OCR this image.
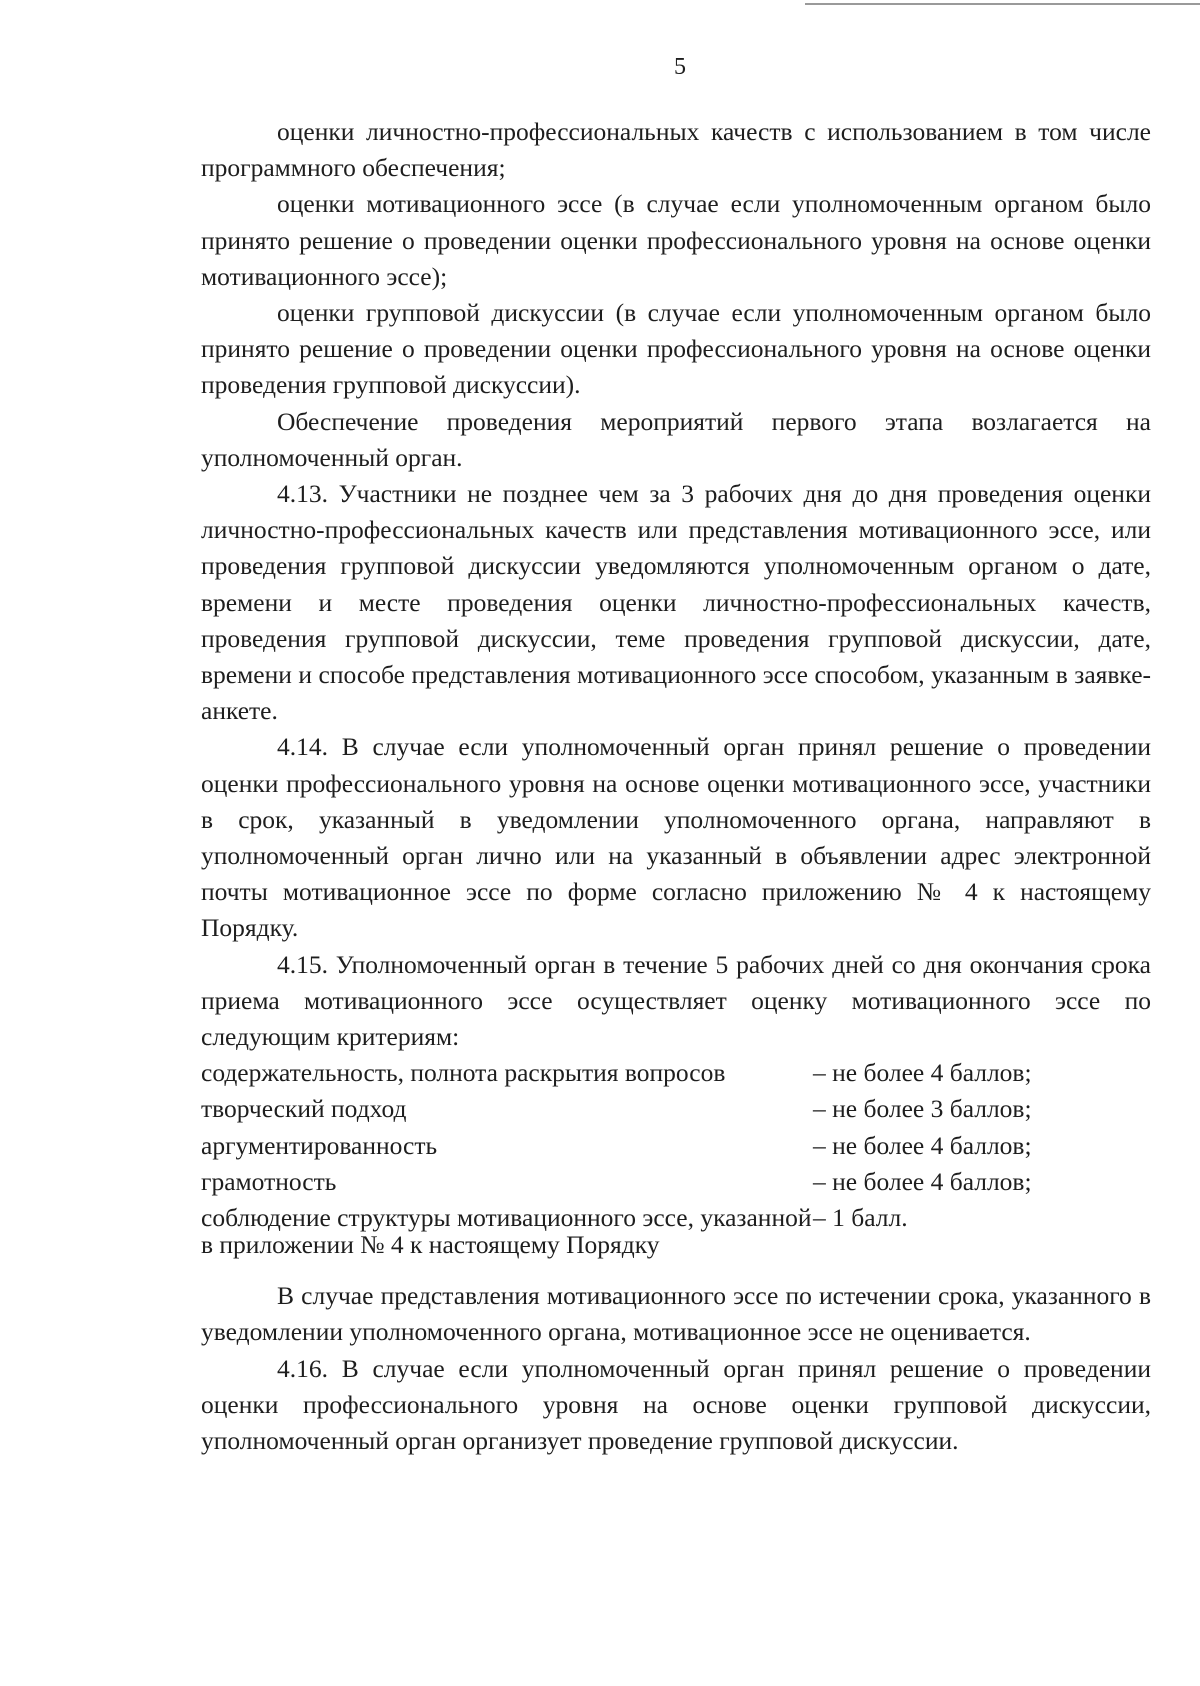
5

оценки личностно-профессиональных качеств с использованием в том числе программного обеспечения;

оценки мотивационного эссе (в случае если уполномоченным органом было принято решение о проведении оценки профессионального уровня на основе оценки мотивационного эссе);

оценки групповой дискуссии (в случае если уполномоченным органом было принято решение о проведении оценки профессионального уровня на основе оценки проведения групповой дискуссии).

Обеспечение проведения мероприятий первого этапа возлагается на уполномоченный орган.

4.13. Участники не позднее чем за 3 рабочих дня до дня проведения оценки личностно-профессиональных качеств или представления мотивационного эссе, или проведения групповой дискуссии уведомляются уполномоченным органом о дате, времени и месте проведения оценки личностно-профессиональных качеств, проведения групповой дискуссии, теме проведения групповой дискуссии, дате, времени и способе представления мотивационного эссе способом, указанным в заявке-анкете.

4.14. В случае если уполномоченный орган принял решение о проведении оценки профессионального уровня на основе оценки мотивационного эссе, участники в срок, указанный в уведомлении уполномоченного органа, направляют в уполномоченный орган лично или на указанный в объявлении адрес электронной почты мотивационное эссе по форме согласно приложению № 4 к настоящему Порядку.

4.15. Уполномоченный орган в течение 5 рабочих дней со дня окончания срока приема мотивационного эссе осуществляет оценку мотивационного эссе по следующим критериям:

содержательность, полнота раскрытия вопросов	– не более 4 баллов;
творческий подход	– не более 3 баллов;
аргументированность	– не более 4 баллов;
грамотность	– не более 4 баллов;
соблюдение структуры мотивационного эссе, указанной в приложении № 4 к настоящему Порядку	– 1 балл.

В случае представления мотивационного эссе по истечении срока, указанного в уведомлении уполномоченного органа, мотивационное эссе не оценивается.

4.16. В случае если уполномоченный орган принял решение о проведении оценки профессионального уровня на основе оценки групповой дискуссии, уполномоченный орган организует проведение групповой дискуссии.
